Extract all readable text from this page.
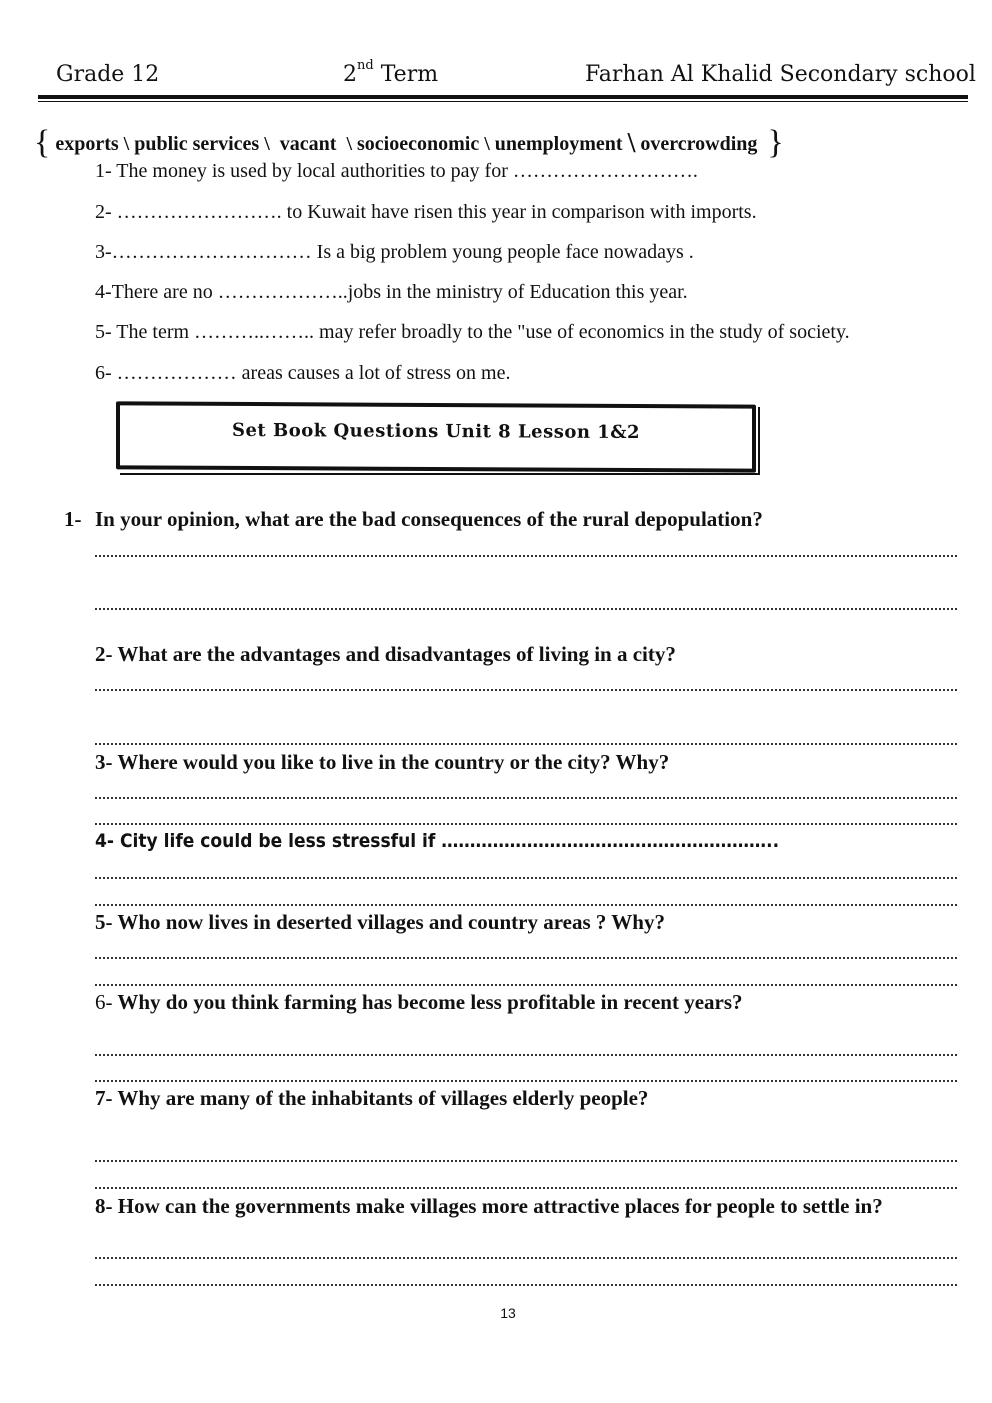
Grade 12	2nd Term	Farhan Al Khalid Secondary school
{ exports \ public services \  vacant  \ socioeconomic \ unemployment \ overcrowding }
1- The money is used by local authorities to pay for ……………………….
2- ……………………. to Kuwait have risen this year in comparison with imports.
3-………………………… Is a big problem young people face nowadays .
4-There are no ………………..jobs in the ministry of Education this year.
5- The term ………..…….. may refer broadly to the "use of economics in the study of society.
6- ……………… areas causes a lot of stress on me.
Set Book Questions Unit 8 Lesson 1&2
1- In your opinion, what are the bad consequences of the rural depopulation?
2- What are the advantages and disadvantages of living in a city?
3- Where would you like to live in the country or the city? Why?
4- City life could be less stressful if …………………………………………………..
5- Who now lives in deserted villages and country areas ? Why?
6- Why do you think farming has become less profitable in recent years?
7- Why are many of the inhabitants of villages elderly people?
8- How can the governments make villages more attractive places for people to settle in?
13
